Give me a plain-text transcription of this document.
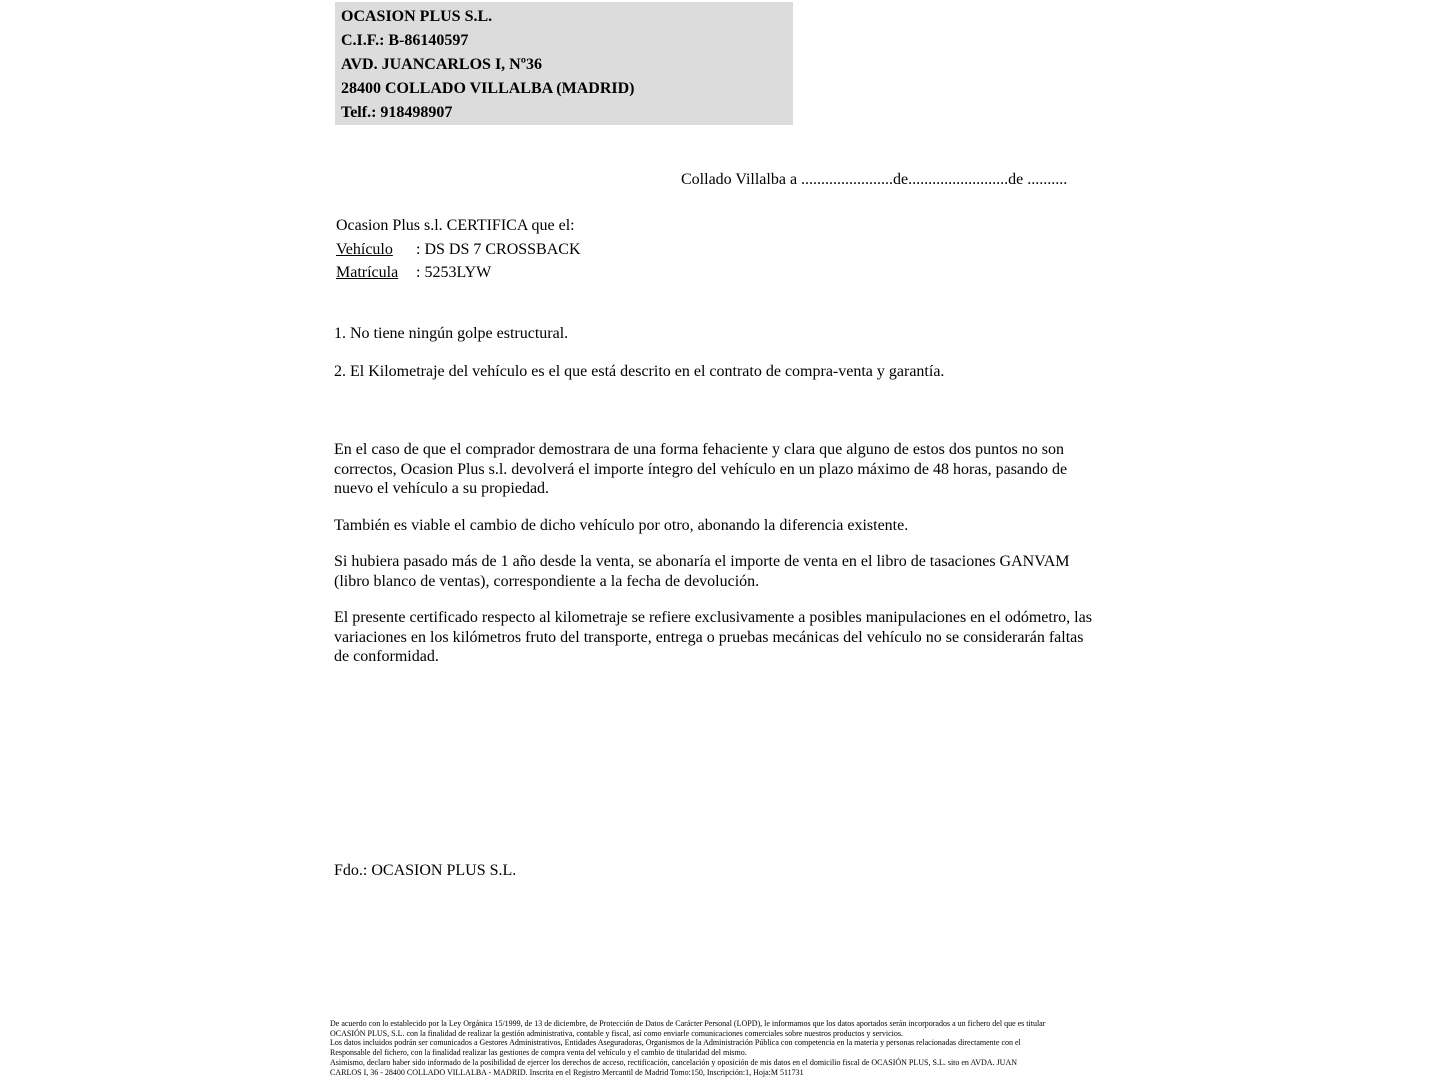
OCASION PLUS S.L.
C.I.F.: B-86140597
AVD. JUANCARLOS I, Nº36
28400 COLLADO VILLALBA (MADRID)
Telf.: 918498907
Collado Villalba a .......................de.........................de ..........
Ocasion Plus s.l. CERTIFICA que el:
Vehículo : DS DS 7 CROSSBACK
Matrícula : 5253LYW
1. No tiene ningún golpe estructural.
2. El Kilometraje del vehículo es el que está descrito en el contrato de compra-venta y garantía.

En el caso de que el comprador demostrara de una forma fehaciente y clara que alguno de estos dos puntos no son correctos, Ocasion Plus s.l. devolverá el importe íntegro del vehículo en un plazo máximo de 48 horas, pasando de nuevo el vehículo a su propiedad.

También es viable el cambio de dicho vehículo por otro, abonando la diferencia existente.

Si hubiera pasado más de 1 año desde la venta, se abonaría el importe de venta en el libro de tasaciones GANVAM (libro blanco de ventas), correspondiente a la fecha de devolución.

El presente certificado respecto al kilometraje se refiere exclusivamente a posibles manipulaciones en el odómetro, las variaciones en los kilómetros fruto del transporte, entrega o pruebas mecánicas del vehículo no se considerarán faltas de conformidad.

Fdo.: OCASION PLUS S.L.
De acuerdo con lo establecido por la Ley Orgánica 15/1999, de 13 de diciembre, de Protección de Datos de Carácter Personal (LOPD), le informamos que los datos aportados serán incorporados a un fichero del que es titular
OCASIÓN PLUS, S.L. con la finalidad de realizar la gestión administrativa, contable y fiscal, así como enviarle comunicaciones comerciales sobre nuestros productos y servicios.
Los datos incluidos podrán ser comunicados a Gestores Administrativos, Entidades Aseguradoras, Organismos de la Administración Pública con competencia en la materia y personas relacionadas directamente con el
Responsable del fichero, con la finalidad realizar las gestiones de compra venta del vehículo y el cambio de titularidad del mismo.
Asimismo, declaro haber sido informado de la posibilidad de ejercer los derechos de acceso, rectificación, cancelación y oposición de mis datos en el domicilio fiscal de OCASIÓN PLUS, S.L. sito en AVDA. JUAN
CARLOS I, 36 - 28400 COLLADO VILLALBA - MADRID. Inscrita en el Registro Mercantil de Madrid Tomo:150, Inscripción:1, Hoja:M 511731
